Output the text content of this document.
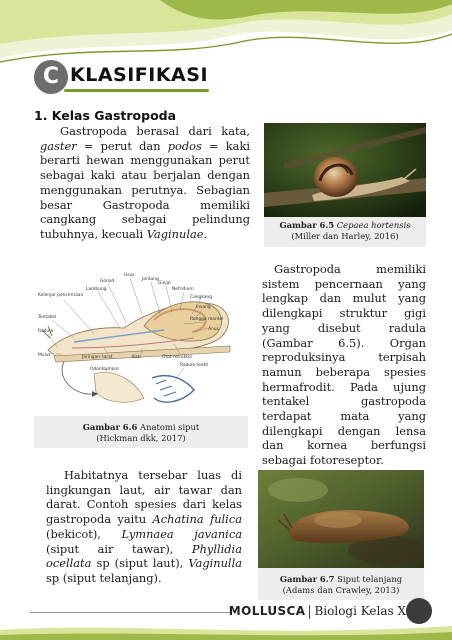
C KLASIFIKASI
1. Kelas Gastropoda

Gastropoda berasal dari kata, gaster = perut dan podos = kaki berarti hewan menggunakan perut sebagai kaki atau berjalan dengan menggunakan perutnya. Sebagian besar Gastropoda memiliki cangkang sebagai pelindung tubuhnya, kecuali Vaginulae.

Gambar 6.5 Cepaea hortensis
(Miller dan Harley, 2016)
Usus
Jantung
Gonad	Ginjal
Lambung	Nefridium
Cangkang
Kelenjar pencernaan
Insang
Tentakel	Rongga mantel
Radula	Anus
Mulut	Jaringan saraf	Kaki	Otot retraktor
Odontophore
Radula teeth
Gambar 6.6 Anatomi siput
(Hickman dkk, 2017)

Gastropoda memiliki sistem pencernaan yang lengkap dan mulut yang dilengkapi struktur gigi yang disebut radula (Gambar 6.5). Organ reproduksinya terpisah namun beberapa spesies hermafrodit. Pada ujung tentakel gastropoda terdapat mata yang dilengkapi dengan lensa dan kornea berfungsi sebagai fotoreseptor.

Habitatnya tersebar luas di lingkungan laut, air tawar dan darat. Contoh spesies dari kelas gastropoda yaitu Achatina fulica (bekicot), Lymnaea javanica (siput air tawar), Phyllidia ocellata sp (siput laut), Vaginulla sp (siput telanjang).	Gambar 6.7 Siput telanjang
(Adams dan Crawley, 2013)
MOLLUSCA Biologi Kelas X
